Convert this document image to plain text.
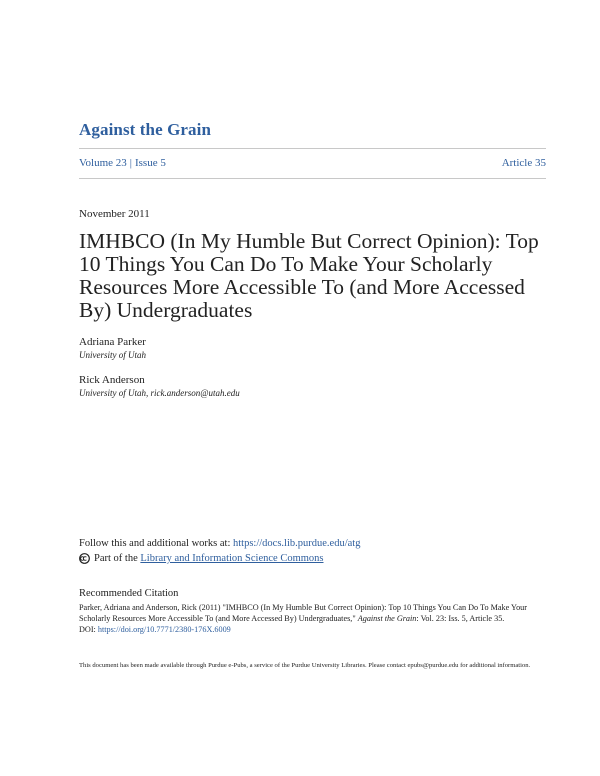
Against the Grain
Volume 23 | Issue 5	Article 35
November 2011
IMHBCO (In My Humble But Correct Opinion): Top 10 Things You Can Do To Make Your Scholarly Resources More Accessible To (and More Accessed By) Undergraduates
Adriana Parker
University of Utah
Rick Anderson
University of Utah, rick.anderson@utah.edu
Follow this and additional works at: https://docs.lib.purdue.edu/atg
Part of the
Library and Information Science Commons
Recommended Citation
Parker, Adriana and Anderson, Rick (2011) "IMHBCO (In My Humble But Correct Opinion): Top 10 Things You Can Do To Make Your Scholarly Resources More Accessible To (and More Accessed By) Undergraduates," Against the Grain: Vol. 23: Iss. 5, Article 35.
DOI: https://doi.org/10.7771/2380-176X.6009
This document has been made available through Purdue e-Pubs, a service of the Purdue University Libraries. Please contact epubs@purdue.edu for additional information.
